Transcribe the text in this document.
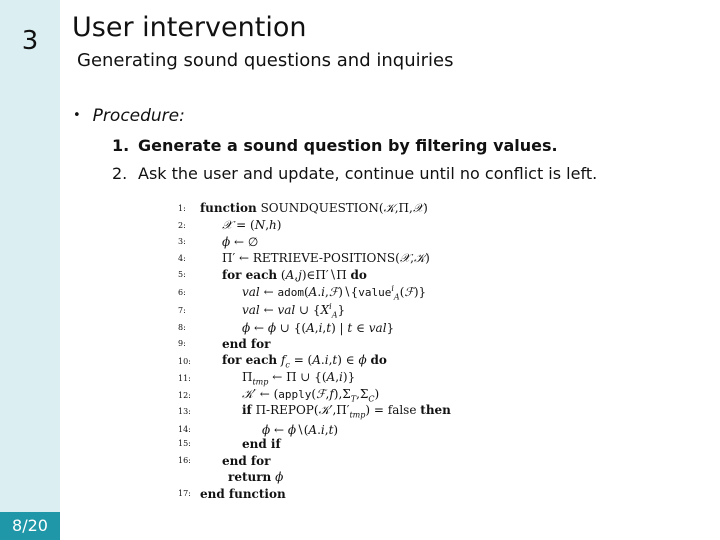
3
8/20
User intervention
Generating sound questions and inquiries
• Procedure:
1. Generate a sound question by filtering values.
2. Ask the user and update, continue until no conflict is left.
1: function SOUNDQUESTION(𝒦,Π,𝒳)
2:	𝒳 = (N,h)
3:	ϕ ← ∅
4:	Π′ ← RETRIEVE-POSITIONS(𝒳,𝒦)
5:	for each (A,j)∈Π′∖Π do
6:	val ← adom(A.i,ℱ)∖{value$^i_A$(ℱ)}
7:	val ← val ∪ $\{X^i_A\}$
8:	ϕ ← ϕ ∪ {(A,i,t) | t ∈ val}
9:	end for
10:	for each $f_c = (A.i,t)$ ∈ ϕ do
11:	$\Pi_{tmp}$ ← Π ∪ {(A,i)}
12:	𝒦′ ← $(apply(ℱ,f),\Sigma_T,\Sigma_C)$
13:	if $\Pi-REPOP(𝒦',\Pi'_{tmp})$ = false then
14:	ϕ ← ϕ∖(A.i,t)
15:	end if
16:	end for
return ϕ
17: end function
